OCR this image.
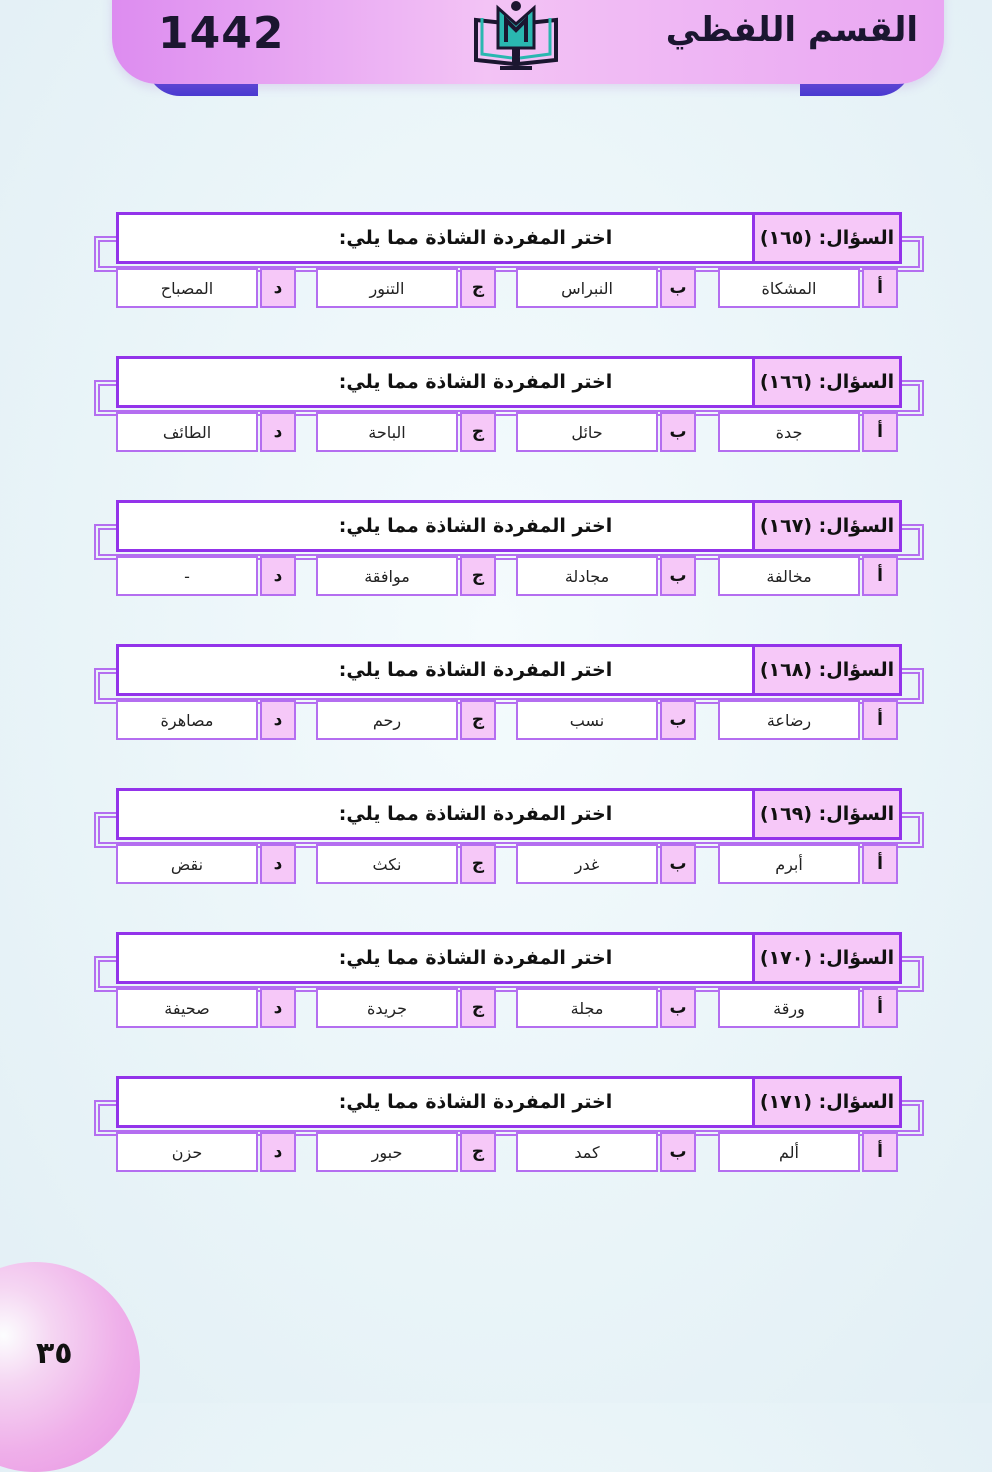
1442	القسم اللفظي
اختر المفردة الشاذة مما يلي:	السؤال: (١٦٥)
المشكاة	أ
النبراس	ب
التنور	ج
المصباح	د
اختر المفردة الشاذة مما يلي:	السؤال: (١٦٦)
جدة	أ
حائل	ب
الباحة	ج
الطائف	د
اختر المفردة الشاذة مما يلي:	السؤال: (١٦٧)
مخالفة	أ
مجادلة	ب
موافقة	ج
-	د
اختر المفردة الشاذة مما يلي:	السؤال: (١٦٨)
رضاعة	أ
نسب	ب
رحم	ج
مصاهرة	د
اختر المفردة الشاذة مما يلي:	السؤال: (١٦٩)
أبرم	أ
غدر	ب
نكث	ج
نقض	د
اختر المفردة الشاذة مما يلي:	السؤال: (١٧٠)
ورقة	أ
مجلة	ب
جريدة	ج
صحيفة	د
اختر المفردة الشاذة مما يلي:	السؤال: (١٧١)
ألم	أ
كمد	ب
حبور	ج
حزن	د
٣٥
